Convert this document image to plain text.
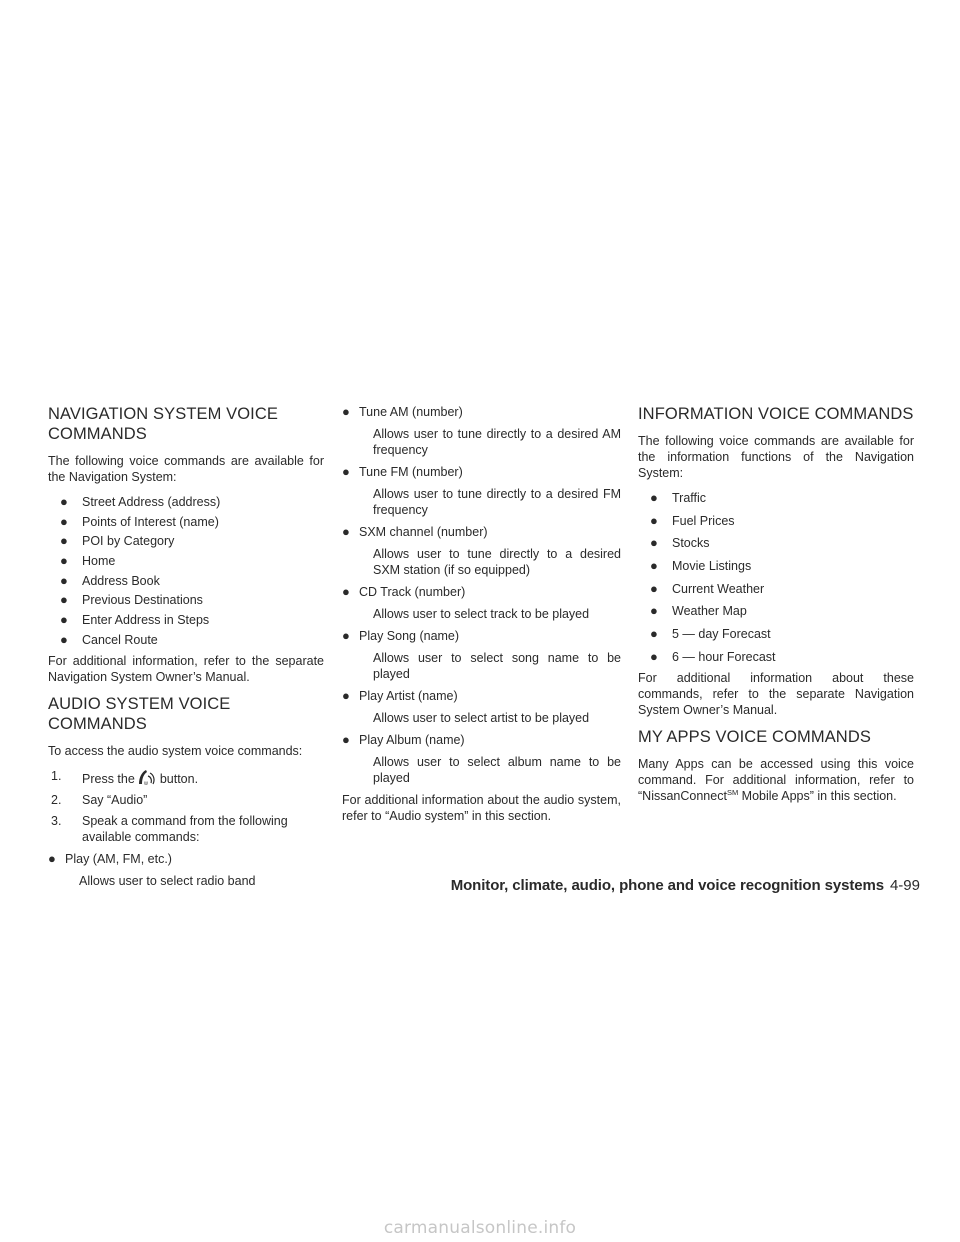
NAVIGATION SYSTEM VOICE
COMMANDS

The following voice commands are available for the Navigation System:

● Street Address (address)
● Points of Interest (name)
● POI by Category
● Home
● Address Book
● Previous Destinations
● Enter Address in Steps
● Cancel Route

For additional information, refer to the separate Navigation System Owner’s Manual.

AUDIO SYSTEM VOICE
COMMANDS

To access the audio system voice commands:

1. Press the W button.
2. Say “Audio”
3. Speak a command from the following available commands:
● Play (AM, FM, etc.)
Allows user to select radio band
● Tune AM (number)
Allows user to tune directly to a desired AM frequency
● Tune FM (number)
Allows user to tune directly to a desired FM frequency
● SXM channel (number)
Allows user to tune directly to a desired SXM station (if so equipped)
● CD Track (number)
Allows user to select track to be played
● Play Song (name)
Allows user to select song name to be played
● Play Artist (name)
Allows user to select artist to be played
● Play Album (name)
Allows user to select album name to be played

For additional information about the audio system, refer to “Audio system” in this section.

INFORMATION VOICE COMMANDS

The following voice commands are available for the information functions of the Navigation System:

● Traffic
● Fuel Prices
● Stocks
● Movie Listings
● Current Weather
● Weather Map
● 5 — day Forecast
● 6 — hour Forecast

For additional information about these commands, refer to the separate Navigation System Owner’s Manual.

MY APPS VOICE COMMANDS

Many Apps can be accessed using this voice command. For additional information, refer to “NissanConnect℠ Mobile Apps” in this section.

Monitor, climate, audio, phone and voice recognition systems 4-99
carmanualsonline.info
